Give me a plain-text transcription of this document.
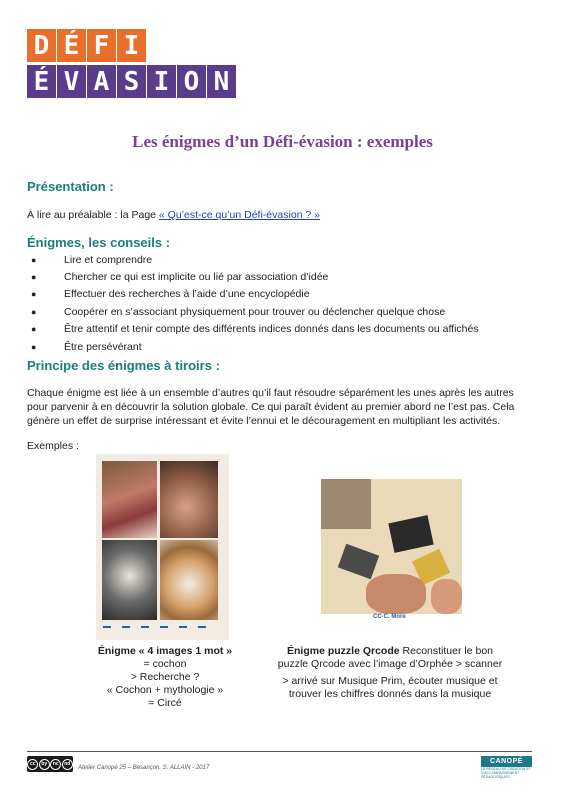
D É F I
É V A S I O N
Les énigmes d’un Défi-évasion : exemples
Présentation :
À lire au préalable : la Page « Qu’est-ce qu’un Défi-évasion ? »
Énigmes, les conseils :
●	Lire et comprendre
●	Chercher ce qui est implicite ou lié par association d’idée
●	Effectuer des recherches à l’aide d’une encyclopédie
●	Coopérer en s’associant physiquement pour trouver ou déclencher quelque chose
●	Être attentif et tenir compte des différents indices donnés dans les documents ou affichés
●	Être persévérant
Principe des énigmes à tiroirs :
Chaque énigme est liée à un ensemble d’autres qu’il faut résoudre séparément les unes après les autres pour parvenir à en découvrir la solution globale. Ce qui paraît évident au premier abord ne l’est pas. Cela génère un effet de surprise intéressant et évite l’ennui et le découragement en multipliant les activités.
Exemples :
CC-C. More
Énigme « 4 images 1 mot »
= cochon
> Recherche ?
« Cochon + mythologie »
= Circé
Énigme puzzle Qrcode Reconstituer le bon
puzzle Qrcode avec l’image d’Orphée > scanner
> arrivé sur Musique Prim, écouter musique et
trouver les chiffres donnés dans la musique
cc	by	nc	nd
Atelier Canopé 25 – Besançon. S. ALLAIN - 2017
CANOPÉ
LE RÉSEAU DE CRÉATION ET D’ACCOMPAGNEMENT PÉDAGOGIQUES
